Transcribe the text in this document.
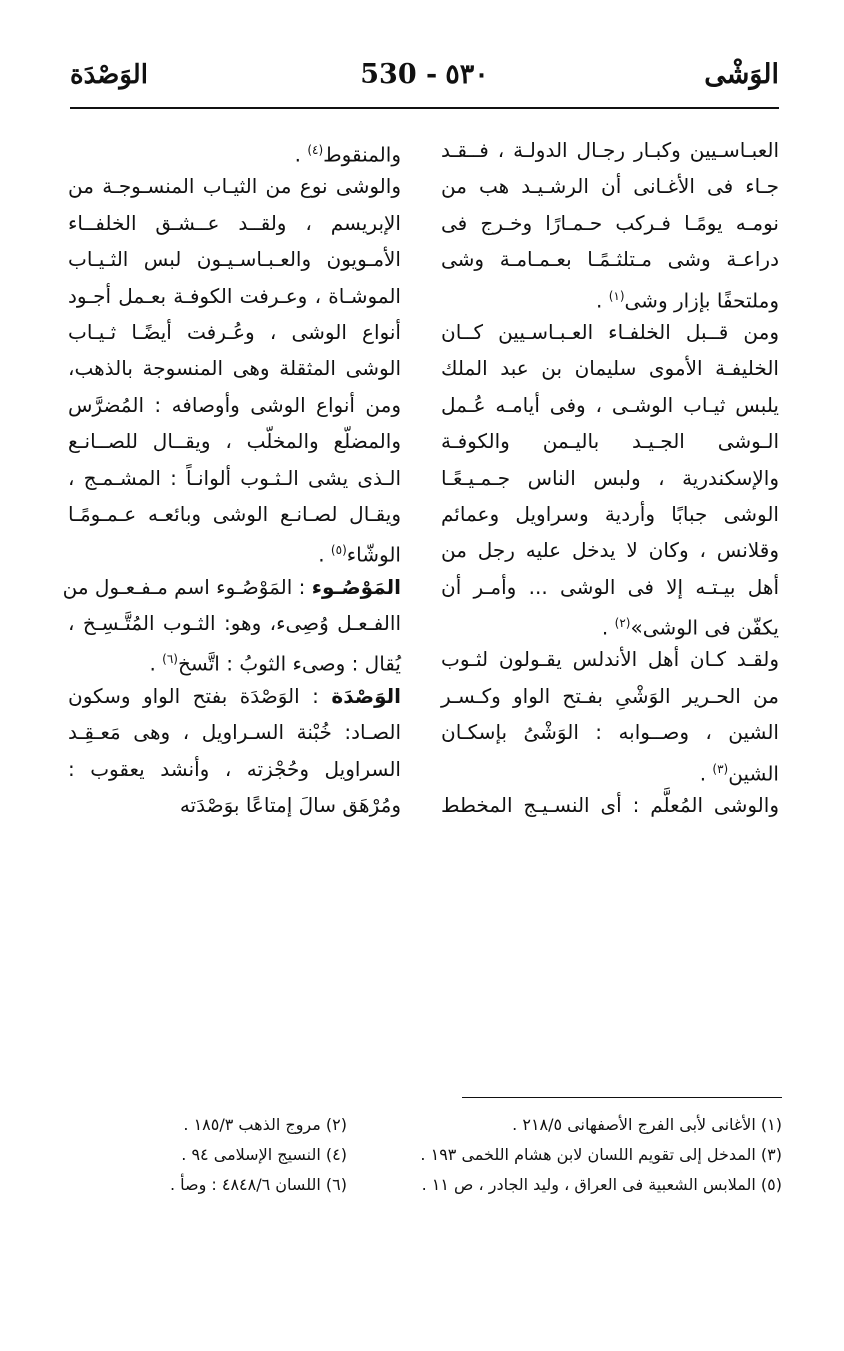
الوَشْى
530 - ٥٣٠
الوَصْدَة
العبـاسـيين وكبـار رجـال الدولـة ، فــقـد
جـاء فى الأغـانى أن الرشـيـد هب من
نومـه يومًـا فـركب حـمـارًا وخـرج فى
دراعـة وشى مـتلثـمًـا بعـمـامـة وشى
وملتحفًا بإزار وشى$^{(١)}$ .
ومن قــبل الخلفـاء العـبـاسـيين كــان
الخليفـة الأموى سليمان بن عبد الملك
يلبس ثيـاب الوشـى ، وفى أيامـه عُـمل
الـوشى الجـيـد باليـمن والكوفـة
والإسكندرية ، ولبس الناس جـمـيـعًـا
الوشى جبابًا وأردية وسراويل وعمائم
وقلانس ، وكان لا يدخل عليه رجل من
أهل بيـتـه إلا فى الوشى ... وأمـر أن
يكفّن فى الوشى»$^{(٢)}$ .
ولقـد كـان أهل الأندلس يقـولون لثـوب
من الحـرير الوَشْىِ بفـتح الواو وكـسـر
الشين ، وصــوابه : الوَشْىُ بإسكـان
الشين$^{(٣)}$ .
والوشى المُعلَّم : أى النسـيـج المخطط
والمنقوط$^{(٤)}$ .
والوشى نوع من الثيـاب المنسـوجـة من
الإبريسم ، ولقــد عــشـق الخلفــاء
الأمـويون والعـبـاسـيـون لبس الثـيـاب
الموشـاة ، وعـرفت الكوفـة بعـمل أجـود
أنواع الوشى ، وعُـرفت أيضًـا ثـيـاب
الوشى المثقلة وهى المنسوجة بالذهب،
ومن أنواع الوشى وأوصافه : المُضرَّس
والمضلّع والمخلّب ، ويقــال للصــانـع
الـذى يشى الـثـوب ألوانـاً : المشـمـج ،
ويقـال لصـانـع الوشى وبائعـه عـمـومًـا
الوشّاء$^{(٥)}$ .
المَوْصُـوء : المَوْصُـوء اسم مـفـعـول من
االفـعـل وُصِىء، وهو: الثـوب المُتَّـسِـخ ،
يُقال : وصىء الثوبُ : اتَّسخ$^{(٦)}$ .
الوَصْدَة : الوَصْدَة بفتح الواو وسكون
الصـاد: خُبْنة السـراويل ، وهى مَعـقِـد
السراويل وحُجْزته ، وأنشد يعقوب :
ومُرْهَق سالَ إمتاعًا بوَصْدَته
(١) الأغانى لأبى الفرج الأصفهانى ٢١٨/٥ .
(٢) مروج الذهب ١٨٥/٣ .
(٣) المدخل إلى تقويم اللسان لابن هشام اللخمى ١٩٣ .
(٤) النسيج الإسلامى ٩٤ .
(٥) الملابس الشعبية فى العراق ، وليد الجادر ، ص ١١ .
(٦) اللسان ٤٨٤٨/٦ : وصأ .
